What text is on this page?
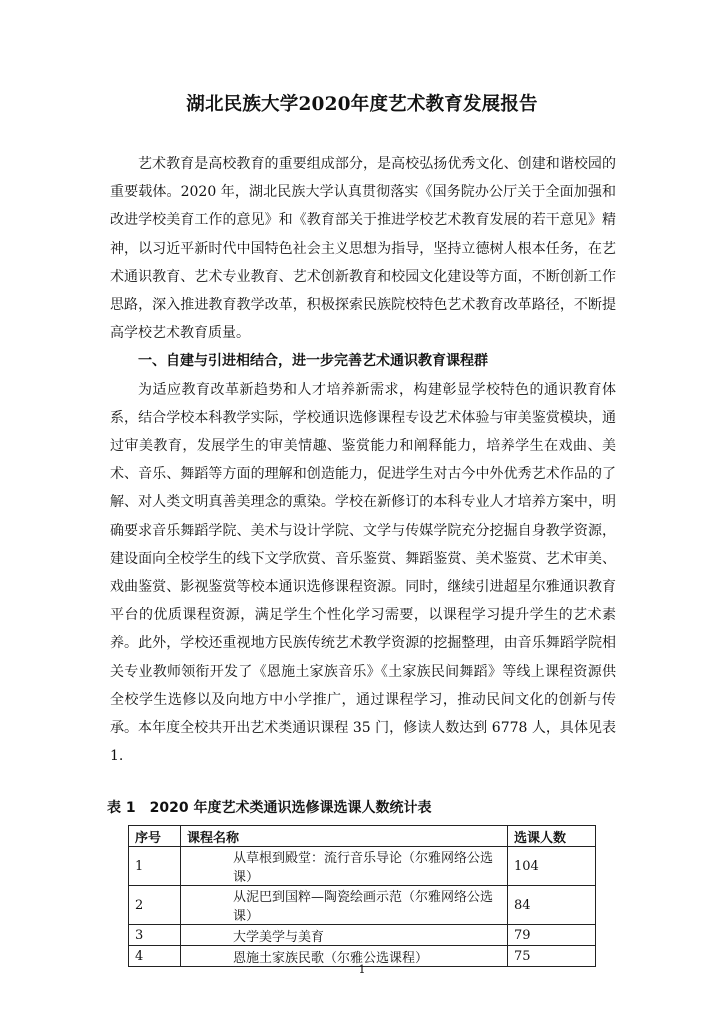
湖北民族大学2020年度艺术教育发展报告

艺术教育是高校教育的重要组成部分，是高校弘扬优秀文化、创建和谐校园的重要载体。2020 年，湖北民族大学认真贯彻落实《国务院办公厅关于全面加强和改进学校美育工作的意见》和《教育部关于推进学校艺术教育发展的若干意见》精神，以习近平新时代中国特色社会主义思想为指导，坚持立德树人根本任务，在艺术通识教育、艺术专业教育、艺术创新教育和校园文化建设等方面，不断创新工作思路，深入推进教育教学改革，积极探索民族院校特色艺术教育改革路径，不断提高学校艺术教育质量。

一、自建与引进相结合，进一步完善艺术通识教育课程群

为适应教育改革新趋势和人才培养新需求，构建彰显学校特色的通识教育体系，结合学校本科教学实际，学校通识选修课程专设艺术体验与审美鉴赏模块，通过审美教育，发展学生的审美情趣、鉴赏能力和阐释能力，培养学生在戏曲、美术、音乐、舞蹈等方面的理解和创造能力，促进学生对古今中外优秀艺术作品的了解、对人类文明真善美理念的熏染。学校在新修订的本科专业人才培养方案中，明确要求音乐舞蹈学院、美术与设计学院、文学与传媒学院充分挖掘自身教学资源，建设面向全校学生的线下文学欣赏、音乐鉴赏、舞蹈鉴赏、美术鉴赏、艺术审美、戏曲鉴赏、影视鉴赏等校本通识选修课程资源。同时，继续引进超星尔雅通识教育平台的优质课程资源，满足学生个性化学习需要，以课程学习提升学生的艺术素养。此外，学校还重视地方民族传统艺术教学资源的挖掘整理，由音乐舞蹈学院相关专业教师领衔开发了《恩施土家族音乐》《土家族民间舞蹈》等线上课程资源供全校学生选修以及向地方中小学推广，通过课程学习，推动民间文化的创新与传承。本年度全校共开出艺术类通识课程 35 门，修读人数达到 6778 人，具体见表 1.

表 1　2020 年度艺术类通识选修课选课人数统计表

序号	课程名称	选课人数
1	从草根到殿堂：流行音乐导论（尔雅网络公选课）	104
2	从泥巴到国粹—陶瓷绘画示范（尔雅网络公选课）	84
3	大学美学与美育	79
4	恩施土家族民歌（尔雅公选课程）	75

1
